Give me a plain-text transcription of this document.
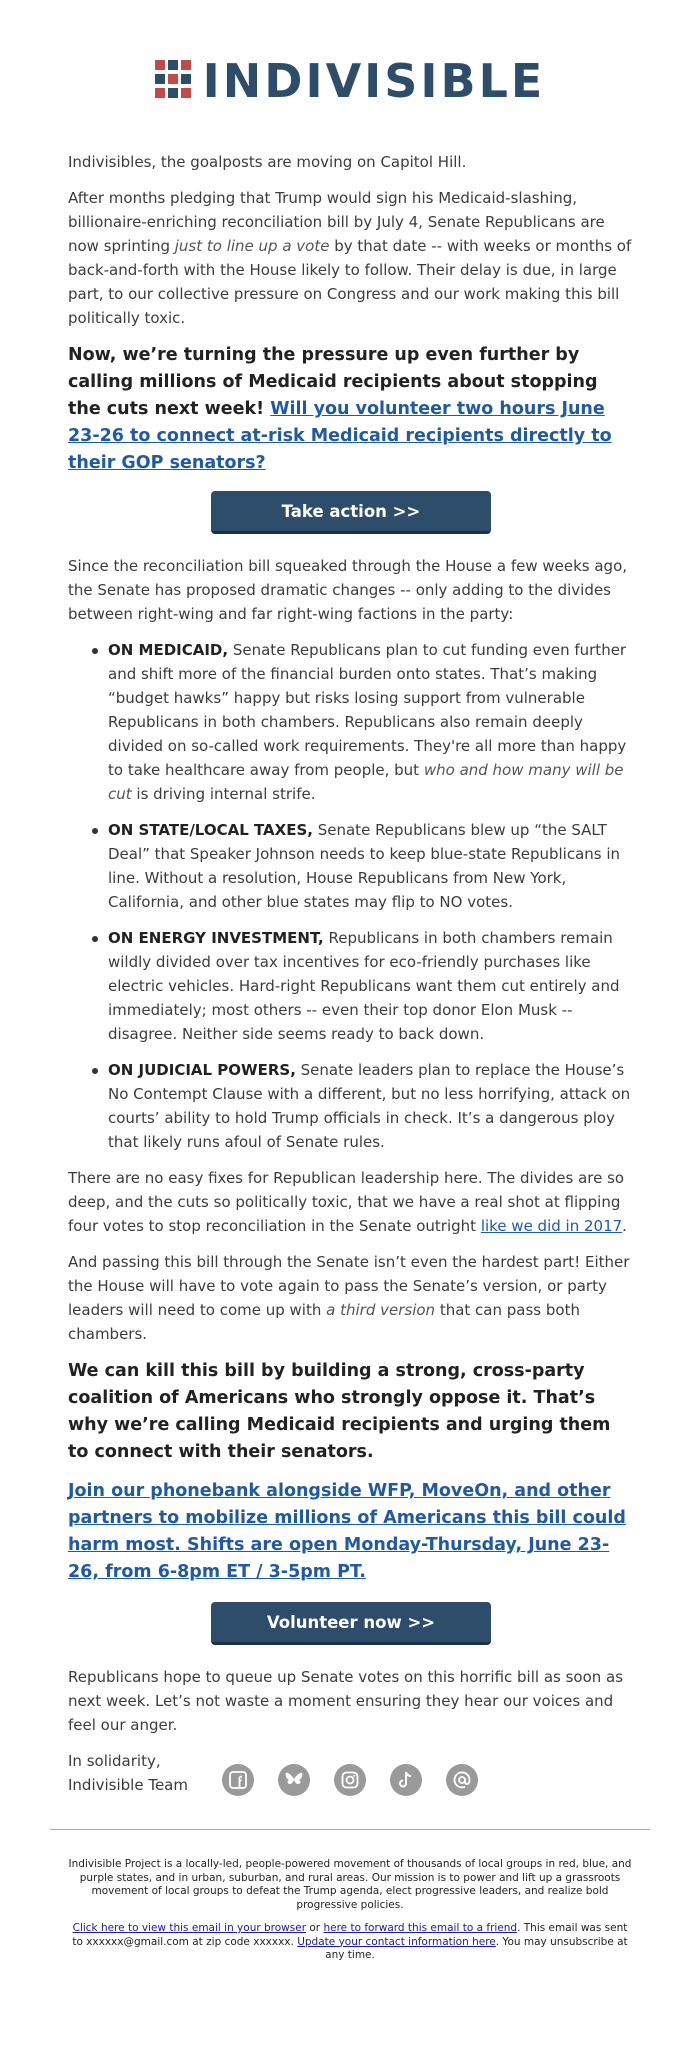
INDIVISIBLE

Indivisibles, the goalposts are moving on Capitol Hill.

After months pledging that Trump would sign his Medicaid-slashing, billionaire-enriching reconciliation bill by July 4, Senate Republicans are now sprinting just to line up a vote by that date -- with weeks or months of back-and-forth with the House likely to follow. Their delay is due, in large part, to our collective pressure on Congress and our work making this bill politically toxic.

Now, we’re turning the pressure up even further by calling millions of Medicaid recipients about stopping the cuts next week! Will you volunteer two hours June 23-26 to connect at-risk Medicaid recipients directly to their GOP senators?

Take action >>

Since the reconciliation bill squeaked through the House a few weeks ago, the Senate has proposed dramatic changes -- only adding to the divides between right-wing and far right-wing factions in the party:

ON MEDICAID, Senate Republicans plan to cut funding even further and shift more of the financial burden onto states. That’s making “budget hawks” happy but risks losing support from vulnerable Republicans in both chambers. Republicans also remain deeply divided on so-called work requirements. They're all more than happy to take healthcare away from people, but who and how many will be cut is driving internal strife.
ON STATE/LOCAL TAXES, Senate Republicans blew up “the SALT Deal” that Speaker Johnson needs to keep blue-state Republicans in line. Without a resolution, House Republicans from New York, California, and other blue states may flip to NO votes.
ON ENERGY INVESTMENT, Republicans in both chambers remain wildly divided over tax incentives for eco-friendly purchases like electric vehicles. Hard-right Republicans want them cut entirely and immediately; most others -- even their top donor Elon Musk -- disagree. Neither side seems ready to back down.
ON JUDICIAL POWERS, Senate leaders plan to replace the House’s No Contempt Clause with a different, but no less horrifying, attack on courts’ ability to hold Trump officials in check. It’s a dangerous ploy that likely runs afoul of Senate rules.

There are no easy fixes for Republican leadership here. The divides are so deep, and the cuts so politically toxic, that we have a real shot at flipping four votes to stop reconciliation in the Senate outright like we did in 2017.

And passing this bill through the Senate isn’t even the hardest part! Either the House will have to vote again to pass the Senate’s version, or party leaders will need to come up with a third version that can pass both chambers.

We can kill this bill by building a strong, cross-party coalition of Americans who strongly oppose it. That’s why we’re calling Medicaid recipients and urging them to connect with their senators.

Join our phonebank alongside WFP, MoveOn, and other partners to mobilize millions of Americans this bill could harm most. Shifts are open Monday-Thursday, June 23-26, from 6-8pm ET / 3-5pm PT.

Volunteer now >>

Republicans hope to queue up Senate votes on this horrific bill as soon as next week. Let’s not waste a moment ensuring they hear our voices and feel our anger.

In solidarity,

Indivisible Team

Indivisible Project is a locally-led, people-powered movement of thousands of local groups in red, blue, and purple states, and in urban, suburban, and rural areas. Our mission is to power and lift up a grassroots movement of local groups to defeat the Trump agenda, elect progressive leaders, and realize bold progressive policies.

Click here to view this email in your browser or here to forward this email to a friend. This email was sent to xxxxxx@gmail.com at zip code xxxxxx. Update your contact information here. You may unsubscribe at any time.
